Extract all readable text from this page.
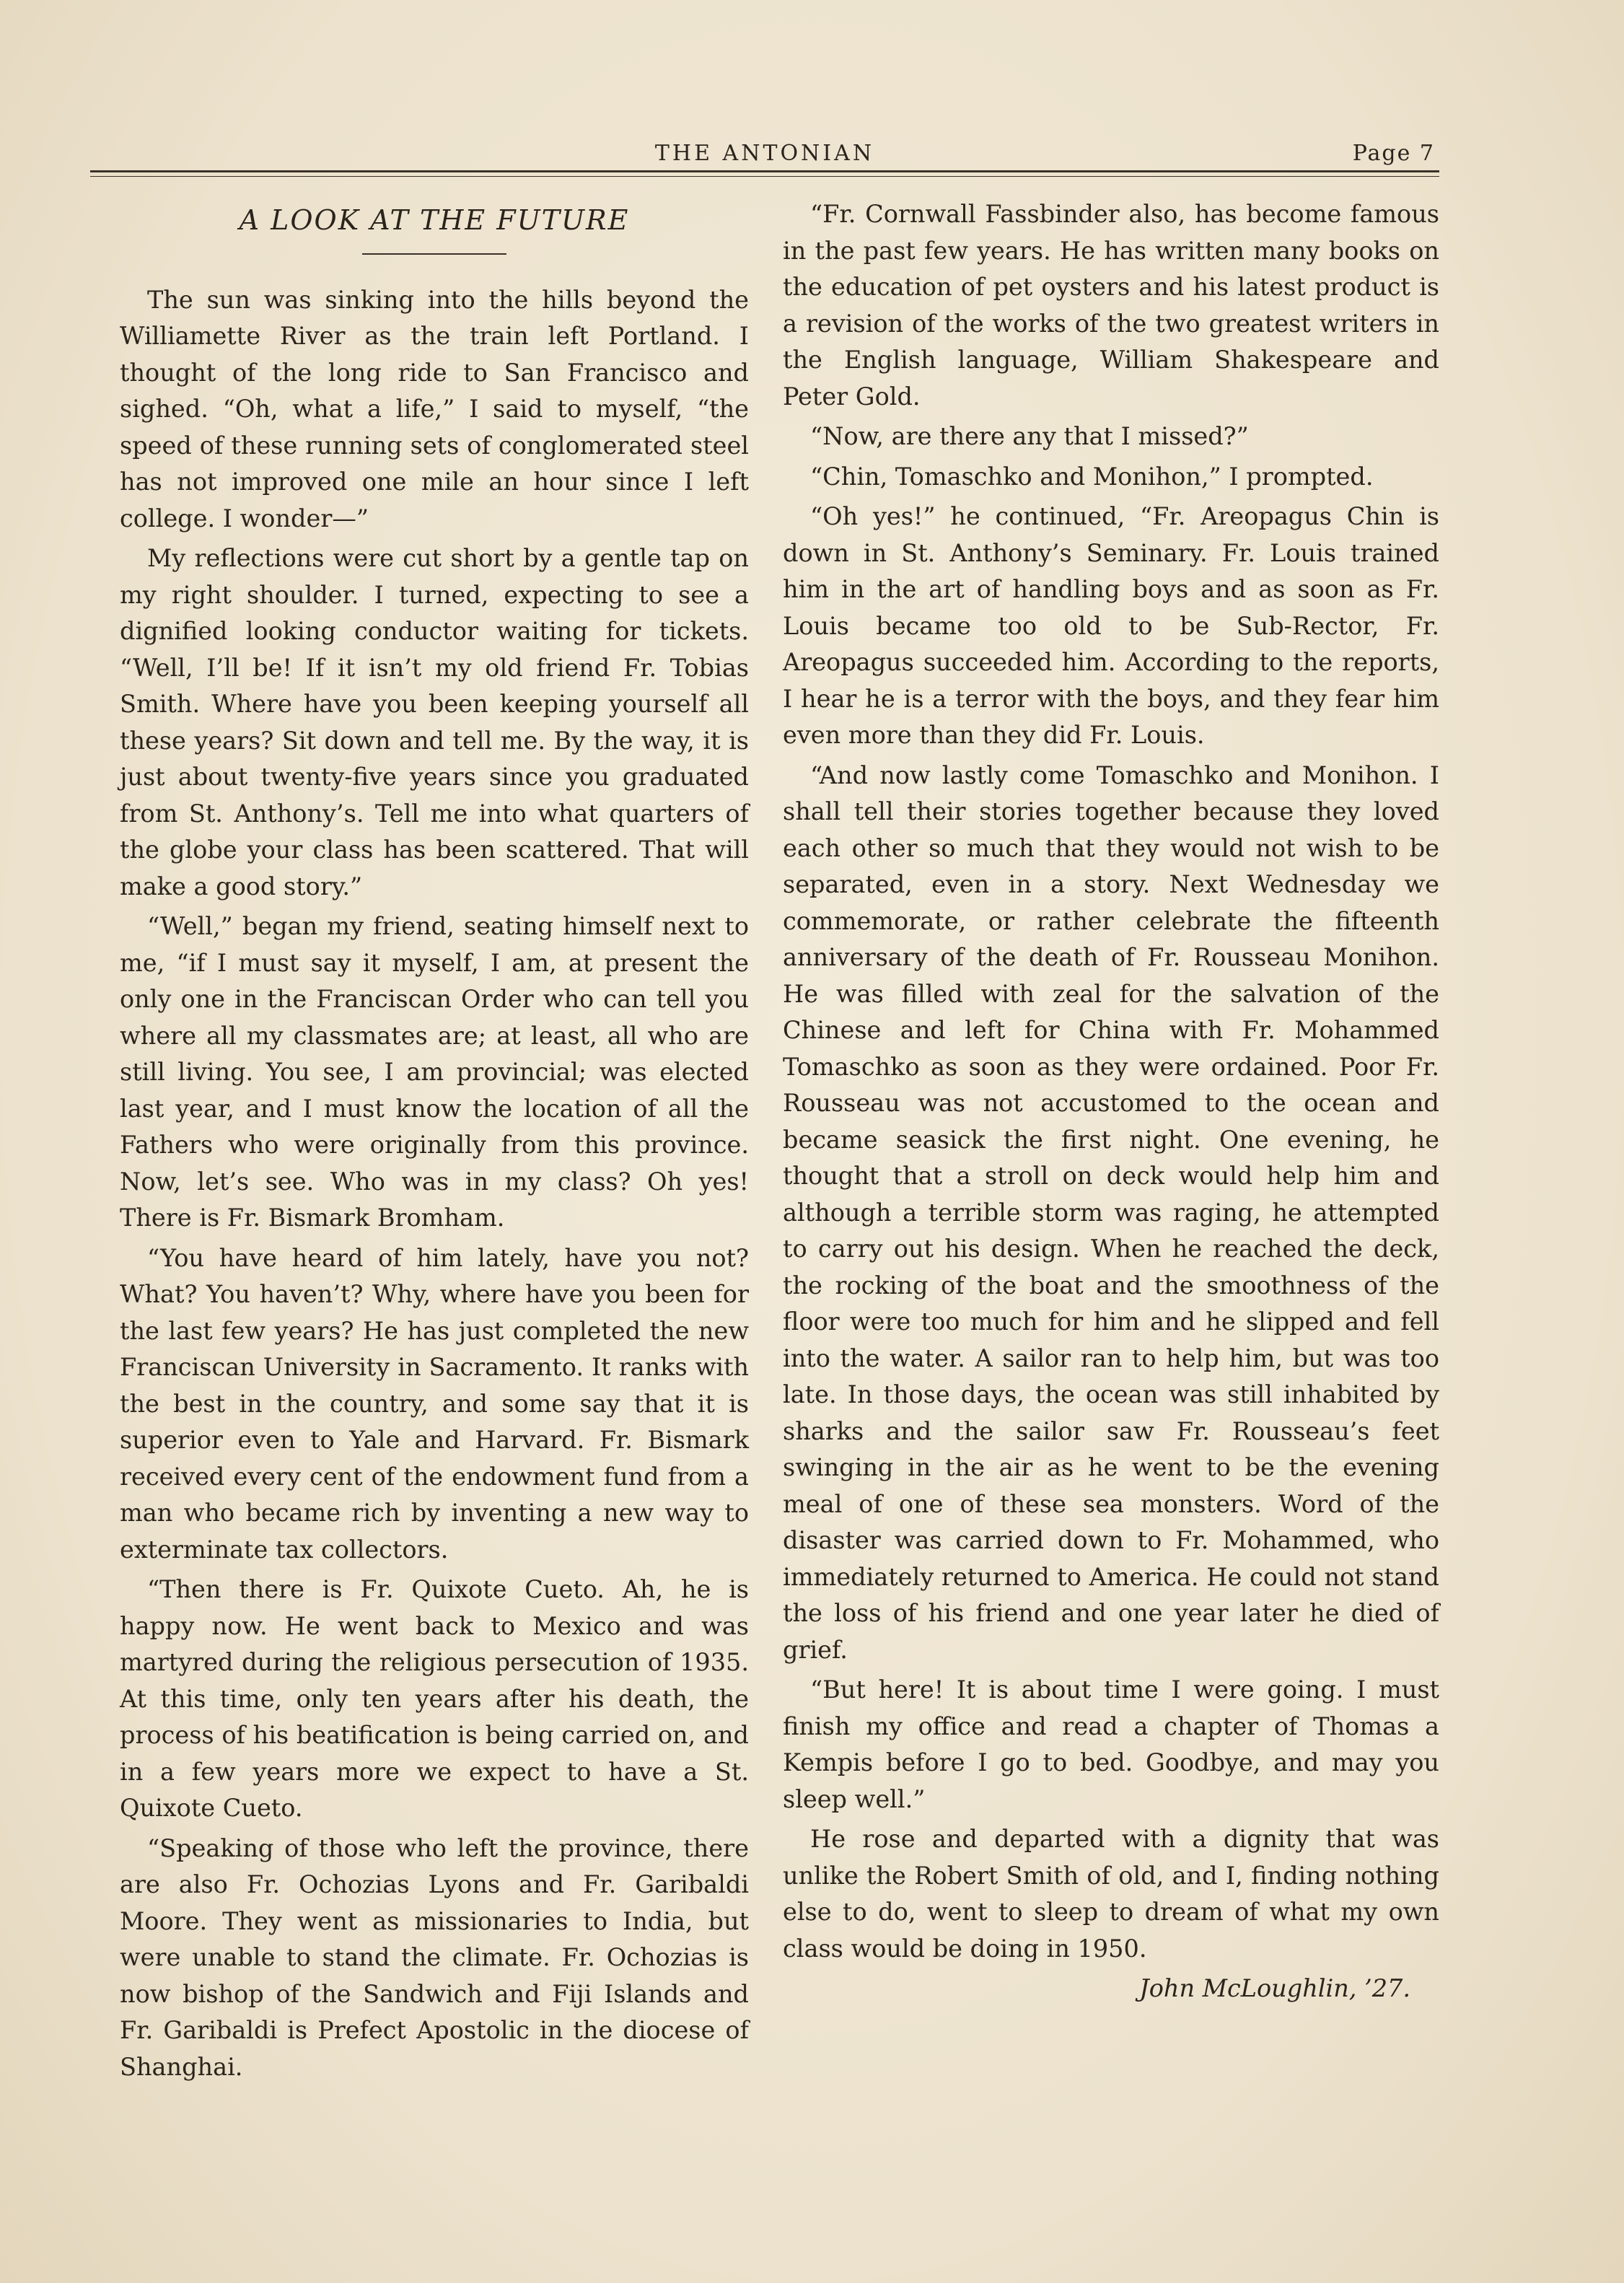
THE ANTONIAN	Page 7
A LOOK AT THE FUTURE

The sun was sinking into the hills beyond the Williamette River as the train left Portland. I thought of the long ride to San Francisco and sighed. “Oh, what a life,” I said to myself, “the speed of these running sets of conglomerated steel has not improved one mile an hour since I left college. I wonder—”

My reflections were cut short by a gentle tap on my right shoulder. I turned, expecting to see a dignified looking conductor waiting for tickets. “Well, I’ll be! If it isn’t my old friend Fr. Tobias Smith. Where have you been keeping yourself all these years? Sit down and tell me. By the way, it is just about twenty-five years since you graduated from St. Anthony’s. Tell me into what quarters of the globe your class has been scattered. That will make a good story.”

“Well,” began my friend, seating himself next to me, “if I must say it myself, I am, at present the only one in the Franciscan Order who can tell you where all my classmates are; at least, all who are still living. You see, I am provincial; was elected last year, and I must know the location of all the Fathers who were originally from this province. Now, let’s see. Who was in my class? Oh yes! There is Fr. Bismark Bromham.

“You have heard of him lately, have you not? What? You haven’t? Why, where have you been for the last few years? He has just completed the new Franciscan University in Sacramento. It ranks with the best in the country, and some say that it is superior even to Yale and Harvard. Fr. Bismark received every cent of the endowment fund from a man who became rich by inventing a new way to exterminate tax collectors.

“Then there is Fr. Quixote Cueto. Ah, he is happy now. He went back to Mexico and was martyred during the religious persecution of 1935. At this time, only ten years after his death, the process of his beatification is being carried on, and in a few years more we expect to have a St. Quixote Cueto.

“Speaking of those who left the province, there are also Fr. Ochozias Lyons and Fr. Garibaldi Moore. They went as missionaries to India, but were unable to stand the climate. Fr. Ochozias is now bishop of the Sandwich and Fiji Islands and Fr. Garibaldi is Prefect Apostolic in the diocese of Shanghai.

“Fr. Cornwall Fassbinder also, has become famous in the past few years. He has written many books on the education of pet oysters and his latest product is a revision of the works of the two greatest writers in the English language, William Shakespeare and Peter Gold.

“Now, are there any that I missed?”

“Chin, Tomaschko and Monihon,” I prompted.

“Oh yes!” he continued, “Fr. Areopagus Chin is down in St. Anthony’s Seminary. Fr. Louis trained him in the art of handling boys and as soon as Fr. Louis became too old to be Sub-Rector, Fr. Areopagus succeeded him. According to the reports, I hear he is a terror with the boys, and they fear him even more than they did Fr. Louis.

“And now lastly come Tomaschko and Monihon. I shall tell their stories together because they loved each other so much that they would not wish to be separated, even in a story. Next Wednesday we commemorate, or rather celebrate the fifteenth anniversary of the death of Fr. Rousseau Monihon. He was filled with zeal for the salvation of the Chinese and left for China with Fr. Mohammed Tomaschko as soon as they were ordained. Poor Fr. Rousseau was not accustomed to the ocean and became seasick the first night. One evening, he thought that a stroll on deck would help him and although a terrible storm was raging, he attempted to carry out his design. When he reached the deck, the rocking of the boat and the smoothness of the floor were too much for him and he slipped and fell into the water. A sailor ran to help him, but was too late. In those days, the ocean was still inhabited by sharks and the sailor saw Fr. Rousseau’s feet swinging in the air as he went to be the evening meal of one of these sea monsters. Word of the disaster was carried down to Fr. Mohammed, who immediately returned to America. He could not stand the loss of his friend and one year later he died of grief.

“But here! It is about time I were going. I must finish my office and read a chapter of Thomas a Kempis before I go to bed. Goodbye, and may you sleep well.”

He rose and departed with a dignity that was unlike the Robert Smith of old, and I, finding nothing else to do, went to sleep to dream of what my own class would be doing in 1950.

John McLoughlin, ’27.
